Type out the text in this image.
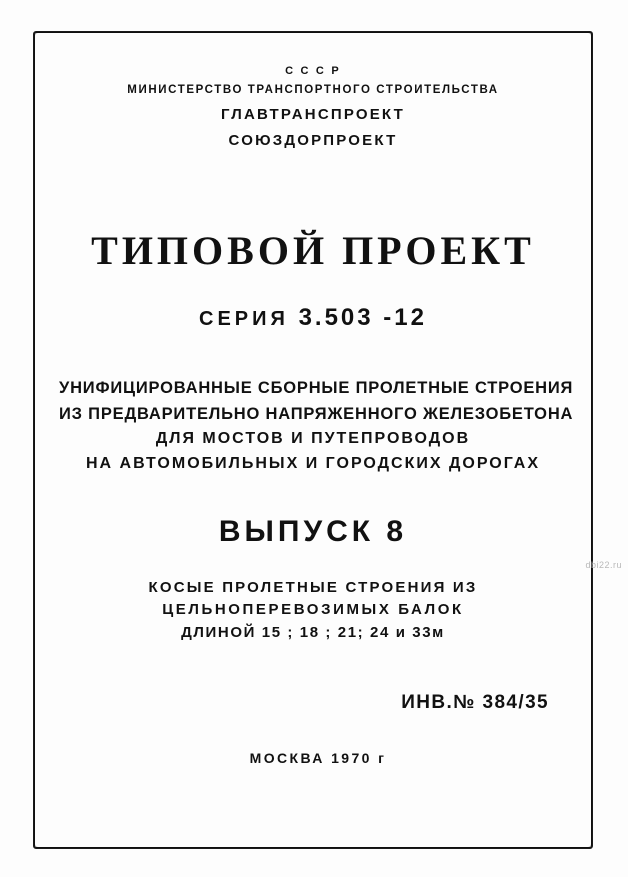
dbi22.ru
С С С Р
МИНИСТЕРСТВО ТРАНСПОРТНОГО СТРОИТЕЛЬСТВА
ГЛАВТРАНСПРОЕКТ
СОЮЗДОРПРОЕКТ
ТИПОВОЙ ПРОЕКТ
СЕРИЯ 3.503 -12
УНИФИЦИРОВАННЫЕ СБОРНЫЕ ПРОЛЕТНЫЕ СТРОЕНИЯ
ИЗ ПРЕДВАРИТЕЛЬНО НАПРЯЖЕННОГО ЖЕЛЕЗОБЕТОНА
ДЛЯ МОСТОВ И ПУТЕПРОВОДОВ
НА АВТОМОБИЛЬНЫХ И ГОРОДСКИХ ДОРОГАХ
ВЫПУСК 8
КОСЫЕ ПРОЛЕТНЫЕ СТРОЕНИЯ ИЗ
ЦЕЛЬНОПЕРЕВОЗИМЫХ БАЛОК
ДЛИНОЙ 15 ; 18 ; 21; 24 и 33м
ИНВ.№ 384/35
МОСКВА 1970 г
